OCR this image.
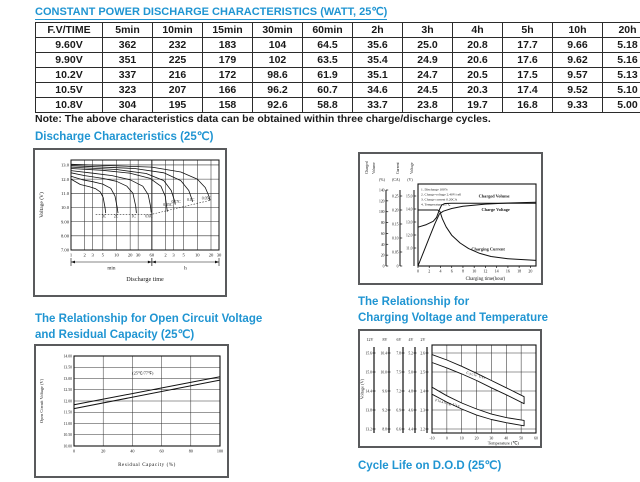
CONSTANT POWER DISCHARGE CHARACTERISTICS (WATT, 25℃)
F.V/TIME	5min	10min	15min	30min	60min	2h	3h	4h	5h	10h	20h
9.60V	362	232	183	104	64.5	35.6	25.0	20.8	17.7	9.66	5.18
9.90V	351	225	179	102	63.5	35.4	24.9	20.6	17.6	9.62	5.16
10.2V	337	216	172	98.6	61.9	35.1	24.7	20.5	17.5	9.57	5.13
10.5V	323	207	166	96.2	60.7	34.6	24.5	20.3	17.4	9.52	5.10
10.8V	304	195	158	92.6	58.8	33.7	23.8	19.7	16.8	9.33	5.00
Note: The above characteristics data can be obtained within three charge/discharge cycles.
Discharge Characteristics (25℃)
1 2 3 5 10 20 30 60 2 3 5 10 20 30
13.0
12.0
11.0
10.0
9.00
8.00
7.00
Voltage (V)	3C 2C	1C 0.6C
0.25C
0.17C 0.1C 0.05C
min	h
Discharge time
Charged Volume
(%)
0
20
40
60
80
100
120
140
Current
(CA)
0
0.05
0.10
0.15
0.20
0.25
Voltage
(V)
11.0
12.0
13.0
14.0
15.0
1. Discharge 100%
2. Charge voltage 2.40V/cell
3. Charge current 0.20CA
4. Temperature 25℃
Charged Volume
Charge Voltage
Charging Current
0 2 4 6 8 10 12 14 16 18 20
Charging time(hour)
The Relationship for
Charging Voltage and Temperature
12V
15.6
15.0
14.4
13.8
13.2
8V
10.4
10.0
9.6
9.2
8.8
6V
7.8
7.5
7.2
6.9
6.6
4V
5.2
5.0
4.8
4.6
4.4
2V
2.6
2.5
2.4
2.3
2.2
Voltage (V)
-10	0	10	20	30	40	50	60
Cycle Use
Floating Use
Temperature (℃)
The Relationship for Open Circuit Voltage
and Residual Capacity (25℃)
14.00
13.50
13.00
12.50
12.00
11.50
11.00
10.50
10.00
0	20	40	60	80	100
(25℃/77℉)
Open Circuit Voltage (V)
Residual Capacity (%)	Cycle Life on D.O.D (25℃)
